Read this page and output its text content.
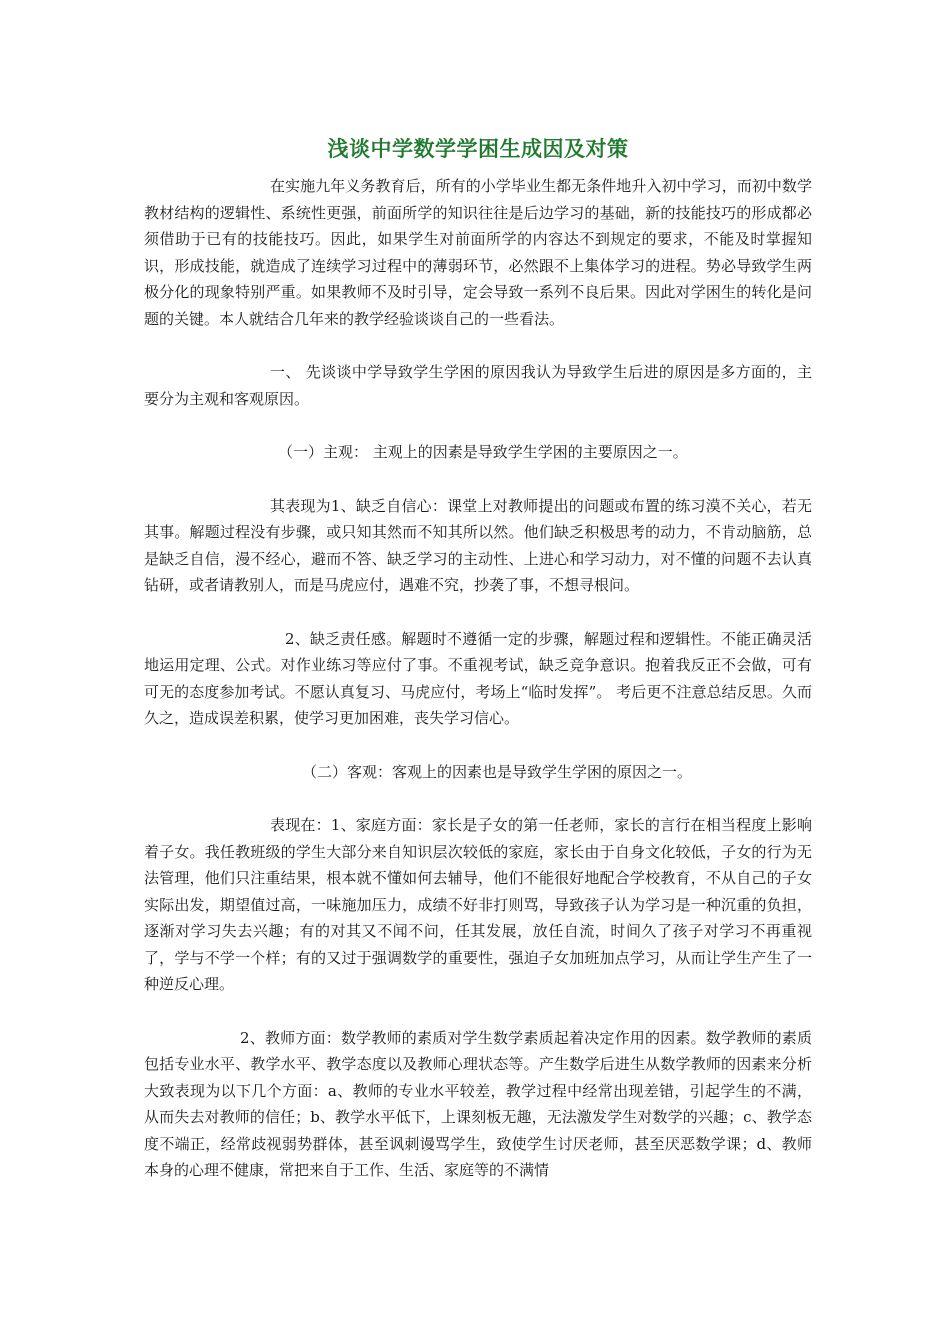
浅谈中学数学学困生成因及对策

在实施九年义务教育后，所有的小学毕业生都无条件地升入初中学习，而初中数学教材结构的逻辑性、系统性更强，前面所学的知识往往是后边学习的基础，新的技能技巧的形成都必须借助于已有的技能技巧。因此，如果学生对前面所学的内容达不到规定的要求，不能及时掌握知识，形成技能，就造成了连续学习过程中的薄弱环节，必然跟不上集体学习的进程。势必导致学生两极分化的现象特别严重。如果教师不及时引导，定会导致一系列不良后果。因此对学困生的转化是问题的关键。本人就结合几年来的教学经验谈谈自己的一些看法。

一、 先谈谈中学导致学生学困的原因我认为导致学生后进的原因是多方面的，主要分为主观和客观原因。

（一）主观： 主观上的因素是导致学生学困的主要原因之一。

其表现为1、缺乏自信心：课堂上对教师提出的问题或布置的练习漠不关心，若无其事。解题过程没有步骤，或只知其然而不知其所以然。他们缺乏积极思考的动力，不肯动脑筋，总是缺乏自信，漫不经心，避而不答、缺乏学习的主动性、上进心和学习动力，对不懂的问题不去认真钻研，或者请教别人，而是马虎应付，遇难不究，抄袭了事，不想寻根问。

2、缺乏责任感。解题时不遵循一定的步骤，解题过程和逻辑性。不能正确灵活地运用定理、公式。对作业练习等应付了事。不重视考试，缺乏竞争意识。抱着我反正不会做，可有可无的态度参加考试。不愿认真复习、马虎应付，考场上“临时发挥”。 考后更不注意总结反思。久而久之，造成误差积累，使学习更加困难，丧失学习信心。

（二）客观：客观上的因素也是导致学生学困的原因之一。

表现在：1、家庭方面：家长是子女的第一任老师，家长的言行在相当程度上影响着子女。我任教班级的学生大部分来自知识层次较低的家庭，家长由于自身文化较低，子女的行为无法管理，他们只注重结果，根本就不懂如何去辅导，他们不能很好地配合学校教育，不从自己的子女实际出发，期望值过高，一味施加压力，成绩不好非打则骂，导致孩子认为学习是一种沉重的负担，逐渐对学习失去兴趣；有的对其又不闻不问，任其发展，放任自流，时间久了孩子对学习不再重视了，学与不学一个样；有的又过于强调数学的重要性，强迫子女加班加点学习，从而让学生产生了一种逆反心理。

2、教师方面：数学教师的素质对学生数学素质起着决定作用的因素。数学教师的素质包括专业水平、教学水平、教学态度以及教师心理状态等。产生数学后进生从数学教师的因素来分析大致表现为以下几个方面：a、教师的专业水平较差，教学过程中经常出现差错，引起学生的不满，从而失去对教师的信任；b、教学水平低下，上课刻板无趣，无法激发学生对数学的兴趣；c、教学态度不端正，经常歧视弱势群体，甚至讽刺谩骂学生，致使学生讨厌老师，甚至厌恶数学课；d、教师本身的心理不健康，常把来自于工作、生活、家庭等的不满情
